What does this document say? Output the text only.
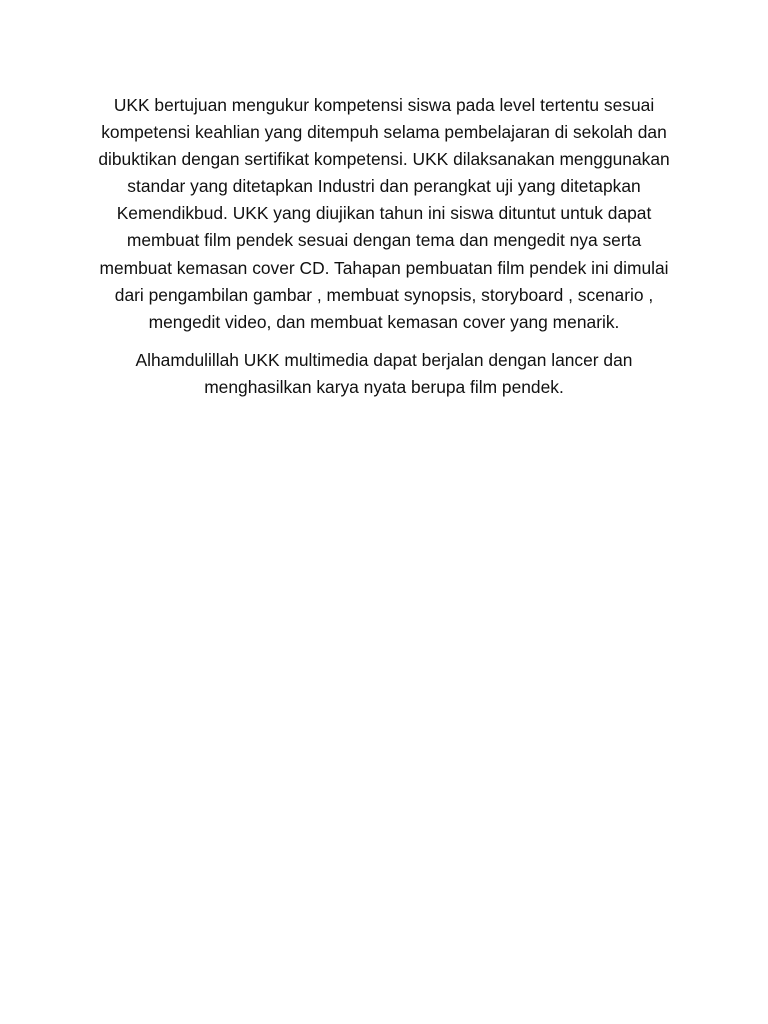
UKK bertujuan mengukur kompetensi siswa pada level tertentu sesuai kompetensi keahlian yang ditempuh selama pembelajaran di sekolah dan dibuktikan dengan sertifikat kompetensi. UKK dilaksanakan menggunakan standar yang ditetapkan Industri dan perangkat uji yang ditetapkan Kemendikbud. UKK yang diujikan tahun ini siswa dituntut untuk dapat membuat film pendek sesuai dengan tema dan mengedit nya serta membuat kemasan cover CD. Tahapan pembuatan film pendek ini dimulai dari pengambilan gambar , membuat synopsis, storyboard , scenario , mengedit video, dan membuat kemasan cover yang menarik.

Alhamdulillah UKK multimedia dapat berjalan dengan lancer dan menghasilkan karya nyata berupa film pendek.
